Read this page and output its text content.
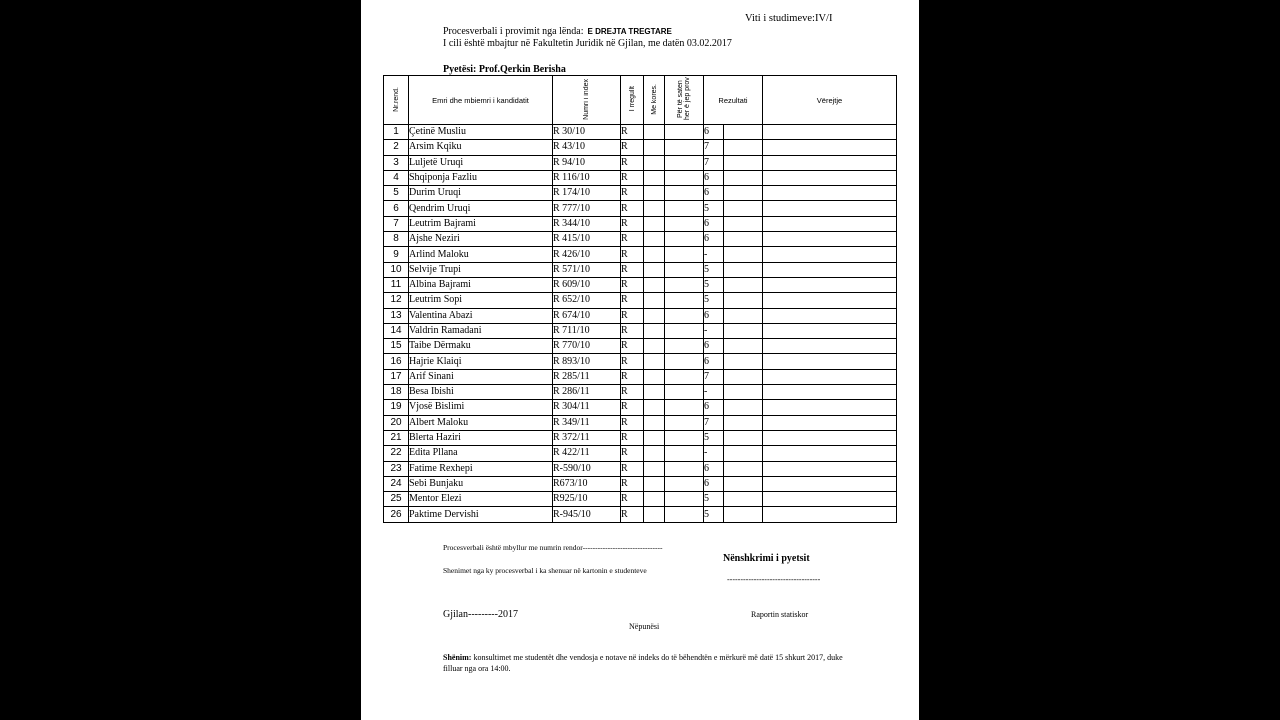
Viti i studimeve:IV/I
Procesverbali i provimit nga lënda: E DREJTA TREGTARE
I cili është mbajtur në Fakultetin Juridik në Gjilan, me datën 03.02.2017
Pyetësi: Prof.Qerkin Berisha
Nr.rend.	Emri dhe mbiemri i kandidatit	Numri i index	I rregullt	Me kores.	Për të saten her ë jep prov	Rezultati		Vërejtje
1	Çetinë Musliu	R 30/10	R			6		
2	Arsim Kqiku	R 43/10	R			7		
3	Luljetë Uruqi	R 94/10	R			7		
4	Shqiponja Fazliu	R 116/10	R			6		
5	Durim Uruqi	R 174/10	R			6		
6	Qendrim Uruqi	R 777/10	R			5		
7	Leutrim Bajrami	R 344/10	R			6		
8	Ajshe Neziri	R 415/10	R			6		
9	Arlind Maloku	R 426/10	R			-		
10	Selvije Trupi	R 571/10	R			5		
11	Albina Bajrami	R 609/10	R			5		
12	Leutrim Sopi	R 652/10	R			5		
13	Valentina Abazi	R 674/10	R			6		
14	Valdrin Ramadani	R 711/10	R			-		
15	Taibe Dërmaku	R 770/10	R			6		
16	Hajrie Klaiqi	R 893/10	R			6		
17	Arif Sinani	R 285/11	R			7		
18	Besa Ibishi	R 286/11	R			-		
19	Vjosë Bislimi	R 304/11	R			6		
20	Albert Maloku	R 349/11	R			7		
21	Blerta Haziri	R 372/11	R			5		
22	Edita Pllana	R 422/11	R			-		
23	Fatime Rexhepi	R-590/10	R			6		
24	Sebi Bunjaku	R673/10	R			6		
25	Mentor Elezi	R925/10	R			5		
26	Paktime Dervishi	R-945/10	R			5		
Procesverbali është mbyllur me numrin rendor--------------------------------
Nënshkrimi i pyetsit
Shenimet nga ky procesverbal i ka shenuar në kartonin e studenteve
-----------------------------------
Gjilan---------2017	Raportin statiskor
Nëpunësi
Shënim: konsultimet me studentët dhe vendosja e notave në indeks do të bëhendtën e mërkurë më datë 15 shkurt 2017, duke filluar nga ora 14:00.
